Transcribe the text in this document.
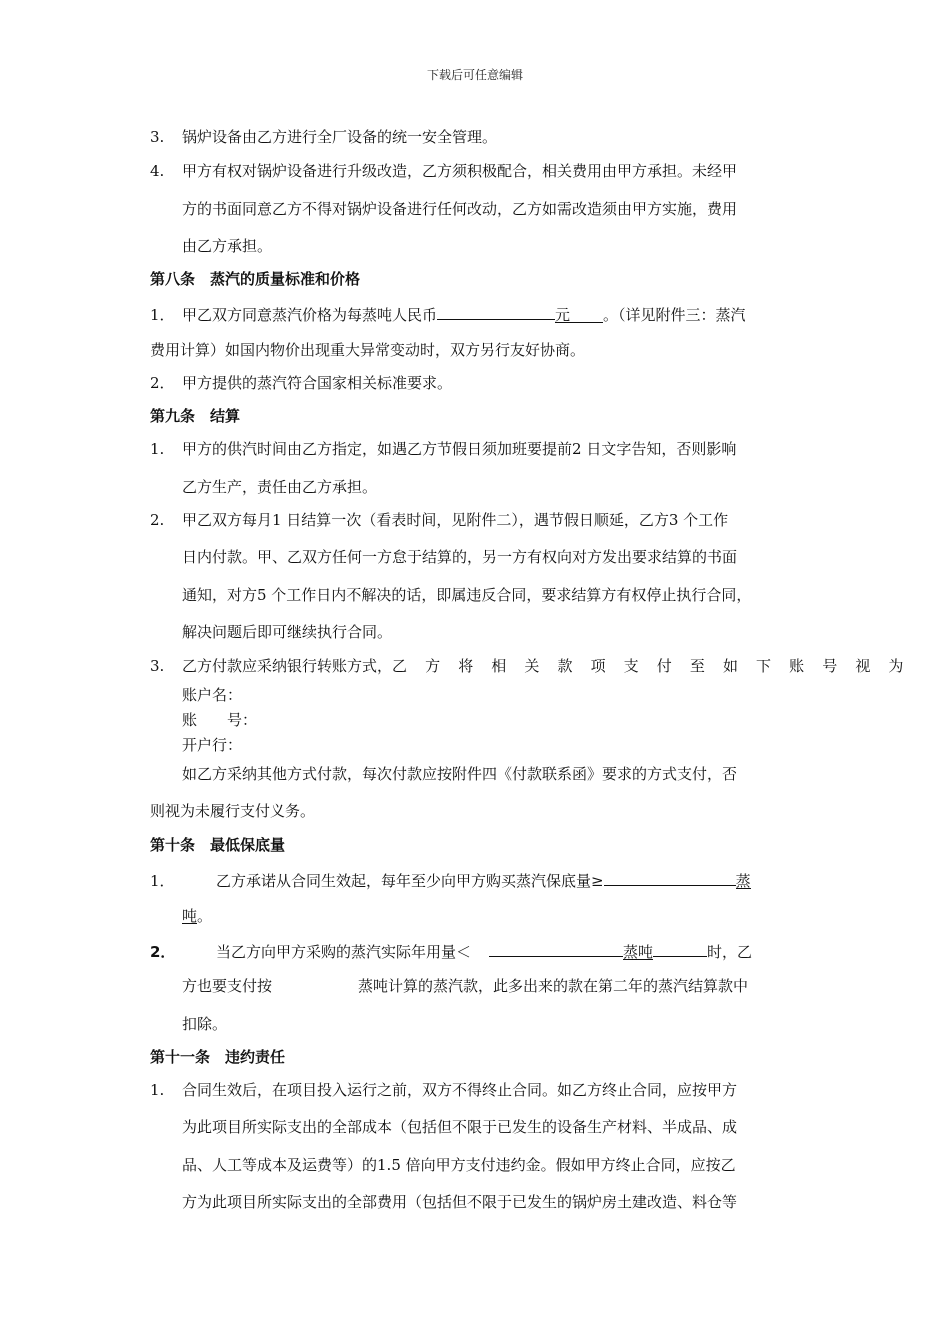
下载后可任意编辑
3. 锅炉设备由乙方进行全厂设备的统一安全管理。
4. 甲方有权对锅炉设备进行升级改造，乙方须积极配合，相关费用由甲方承担。未经甲
方的书面同意乙方不得对锅炉设备进行任何改动，乙方如需改造须由甲方实施，费用
由乙方承担。
第八条　蒸汽的质量标准和价格
1． 甲乙双方同意蒸汽价格为每蒸吨人民币	元 。（详见附件三：蒸汽
费用计算）如国内物价出现重大异常变动时，双方另行友好协商。
2． 甲方提供的蒸汽符合国家相关标准要求。
第九条　结算
1. 甲方的供汽时间由乙方指定，如遇乙方节假日须加班要提前2 日文字告知，否则影响
乙方生产，责任由乙方承担。
2. 甲乙双方每月1 日结算一次（看表时间，见附件二），遇节假日顺延，乙方3 个工作
日内付款。甲、乙双方任何一方怠于结算的，另一方有权向对方发出要求结算的书面
通知，对方5 个工作日内不解决的话，即属违反合同，要求结算方有权停止执行合同，
解决问题后即可继续执行合同。
3. 乙方付款应采纳银行转账方式，乙 方 将 相 关 款 项 支 付 至 如 下 账 号 视 为
账户名：
账　　号：
开户行：
如乙方采纳其他方式付款，每次付款应按附件四《付款联系函》要求的方式支付，否
则视为未履行支付义务。
第十条　最低保底量
1．	乙方承诺从合同生效起，每年至少向甲方购买蒸汽保底量≥	蒸
吨。
2．	当乙方向甲方采购的蒸汽实际年用量＜	蒸吨	时，乙
方也要支付按	蒸吨计算的蒸汽款，此多出来的款在第二年的蒸汽结算款中
扣除。
第十一条　违约责任
1. 合同生效后，在项目投入运行之前，双方不得终止合同。如乙方终止合同，应按甲方
为此项目所实际支出的全部成本（包括但不限于已发生的设备生产材料、半成品、成
品、人工等成本及运费等）的1.5 倍向甲方支付违约金。假如甲方终止合同，应按乙
方为此项目所实际支出的全部费用（包括但不限于已发生的锅炉房土建改造、料仓等
